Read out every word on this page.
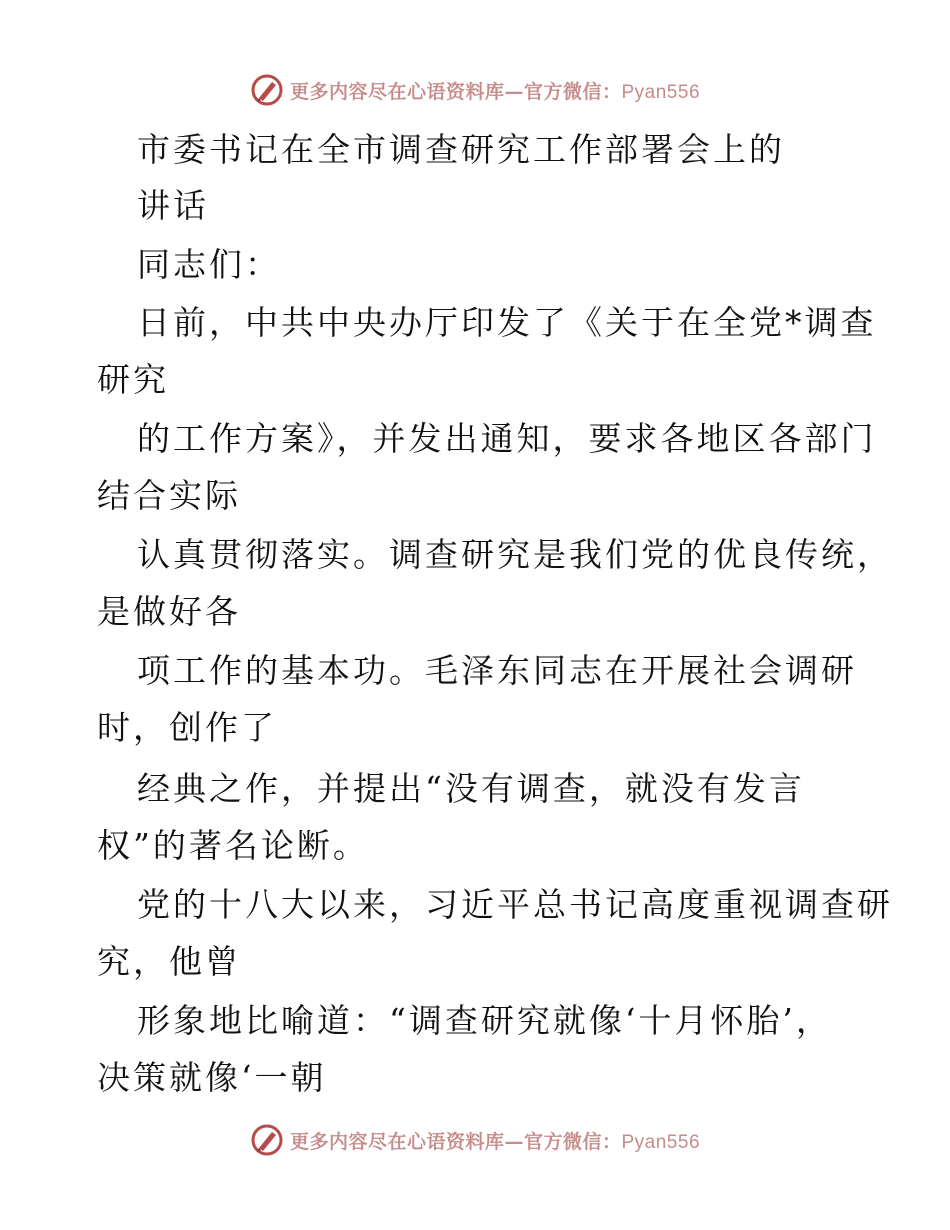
更多内容尽在心语资料库—官方微信：Pyan556
市委书记在全市调查研究工作部署会上的
讲话
同志们：
日前，中共中央办厅印发了《关于在全党*调查
研究
的工作方案》，并发出通知，要求各地区各部门
结合实际
认真贯彻落实。调查研究是我们党的优良传统，
是做好各
项工作的基本功。毛泽东同志在开展社会调研
时，创作了
经典之作，并提出“没有调查，就没有发言
权”的著名论断。
党的十八大以来，习近平总书记高度重视调查研
究，他曾
形象地比喻道：“调查研究就像‘十月怀胎’，
决策就像‘一朝
更多内容尽在心语资料库—官方微信：Pyan556
